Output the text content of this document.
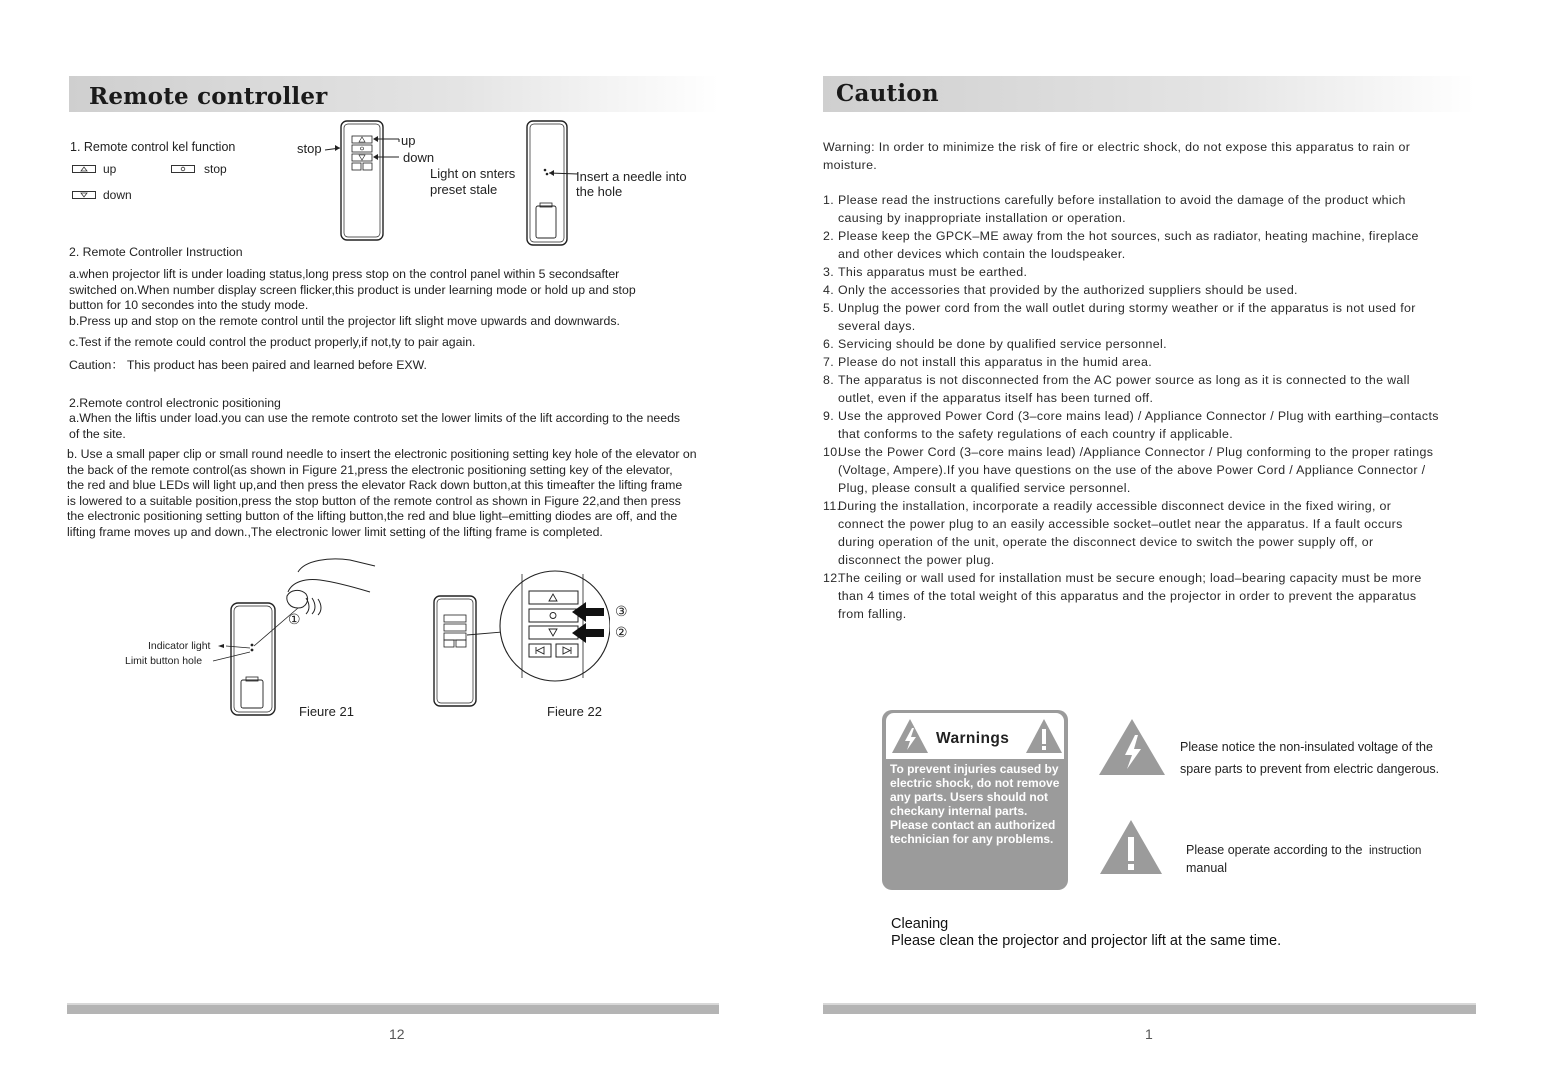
Remote controller
1. Remote control kel function
up	stop
down
stop
up
down
Light on snters
preset stale
Insert a needle into
the hole
2. Remote Controller Instruction
a.when projector lift is under loading status,long press stop on the control panel within 5 secondsafter
switched on.When number display screen flicker,this product is under learning mode or hold up and stop
button for 10 secondes into the study mode.
b.Press up and stop on the remote control until the projector lift slight move upwards and downwards.
c.Test if the remote could control the product properly,if not,ty to pair again.
Caution： This product has been paired and learned before EXW.
2.Remote control electronic positioning
a.When the liftis under load.you can use the remote controto set the lower limits of the lift according to the needs
of the site.
b. Use a small paper clip or small round needle to insert the electronic positioning setting key hole of the elevator on
the back of the remote control(as shown in Figure 21,press the electronic positioning setting key of the elevator,
the red and blue LEDs will light up,and then press the elevator Rack down button,at this timeafter the lifting frame
is lowered to a suitable position,press the stop button of the remote control as shown in Figure 22,and then press
the electronic positioning setting button of the lifting button,the red and blue light–emitting diodes are off, and the
lifting frame moves up and down.,The electronic lower limit setting of the lifting frame is completed.
①
Indicator light
Limit button hole
Fieure 21
③
②
Fieure 22
12
Caution
Warning: In order to minimize the risk of fire or electric shock, do not expose this apparatus to rain or
moisture.
1. Please read the instructions carefully before installation to avoid the damage of the product which
causing by inappropriate installation or operation.
2. Please keep the GPCK–ME away from the hot sources, such as radiator, heating machine, fireplace
and other devices which contain the loudspeaker.
3. This apparatus must be earthed.
4. Only the accessories that provided by the authorized suppliers should be used.
5. Unplug the power cord from the wall outlet during stormy weather or if the apparatus is not used for
several days.
6. Servicing should be done by qualified service personnel.
7. Please do not install this apparatus in the humid area.
8. The apparatus is not disconnected from the AC power source as long as it is connected to the wall
outlet, even if the apparatus itself has been turned off.
9. Use the approved Power Cord (3–core mains lead) / Appliance Connector / Plug with earthing–contacts
that conforms to the safety regulations of each country if applicable.
10.
Use the Power Cord (3–core mains lead) /Appliance Connector / Plug conforming to the proper ratings
(Voltage, Ampere).If you have questions on the use of the above Power Cord / Appliance Connector /
Plug, please consult a qualified service personnel.
11.
During the installation, incorporate a readily accessible disconnect device in the fixed wiring, or
connect the power plug to an easily accessible socket–outlet near the apparatus. If a fault occurs
during operation of the unit, operate the disconnect device to switch the power supply off, or
disconnect the power plug.
12.
The ceiling or wall used for installation must be secure enough; load–bearing capacity must be more
than 4 times of the total weight of this apparatus and the projector in order to prevent the apparatus
from falling.
Warnings
To prevent injuries caused by electric shock, do not remove any parts. Users should not checkany internal parts. Please contact an authorized technician for any problems.
Please notice the non-insulated voltage of the
spare parts to prevent from electric dangerous.
Please operate according to the instruction
manual
Cleaning
Please clean the projector and projector lift at the same time.
1
